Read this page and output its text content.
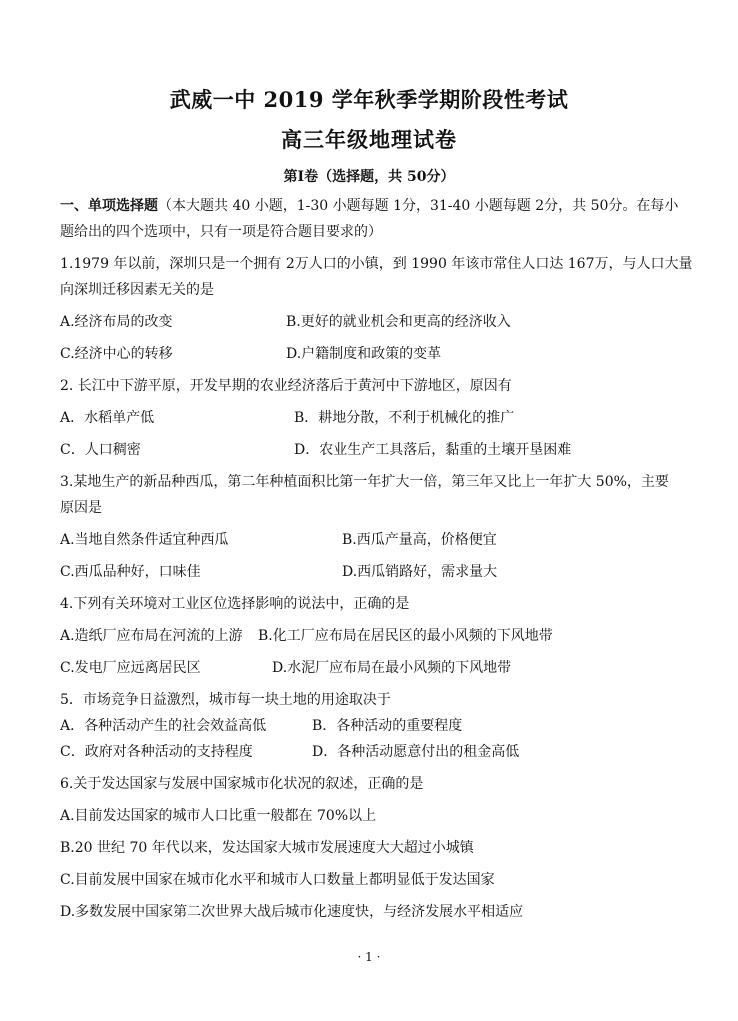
武威一中 2019 学年秋季学期阶段性考试
高三年级地理试卷
第Ⅰ卷（选择题，共 50分）
一、单项选择题（本大题共 40 小题，1-30 小题每题 1分，31-40 小题每题 2分，共 50分。在每小
题给出的四个选项中，只有一项是符合题目要求的）
1.1979 年以前，深圳只是一个拥有 2万人口的小镇，到 1990 年该市常住人口达 167万，与人口大量
向深圳迁移因素无关的是
A.经济布局的改变	B.更好的就业机会和更高的经济收入
C.经济中心的转移	D.户籍制度和政策的变革
2. 长江中下游平原，开发早期的农业经济落后于黄河中下游地区，原因有
A．水稻单产低	B．耕地分散，不利于机械化的推广
C．人口稠密	D．农业生产工具落后，黏重的土壤开垦困难
3.某地生产的新品种西瓜，第二年种植面积比第一年扩大一倍，第三年又比上一年扩大 50%，主要
原因是
A.当地自然条件适宜种西瓜	B.西瓜产量高，价格便宜
C.西瓜品种好，口味佳	D.西瓜销路好，需求量大
4.下列有关环境对工业区位选择影响的说法中，正确的是
A.造纸厂应布局在河流的上游	B.化工厂应布局在居民区的最小风频的下风地带
C.发电厂应远离居民区	D.水泥厂应布局在最小风频的下风地带
5．市场竞争日益激烈，城市每一块土地的用途取决于
A．各种活动产生的社会效益高低	B．各种活动的重要程度
C．政府对各种活动的支持程度	D．各种活动愿意付出的租金高低
6.关于发达国家与发展中国家城市化状况的叙述，正确的是
A.目前发达国家的城市人口比重一般都在 70%以上
B.20 世纪 70 年代以来，发达国家大城市发展速度大大超过小城镇
C.目前发展中国家在城市化水平和城市人口数量上都明显低于发达国家
D.多数发展中国家第二次世界大战后城市化速度快，与经济发展水平相适应
· 1 ·
